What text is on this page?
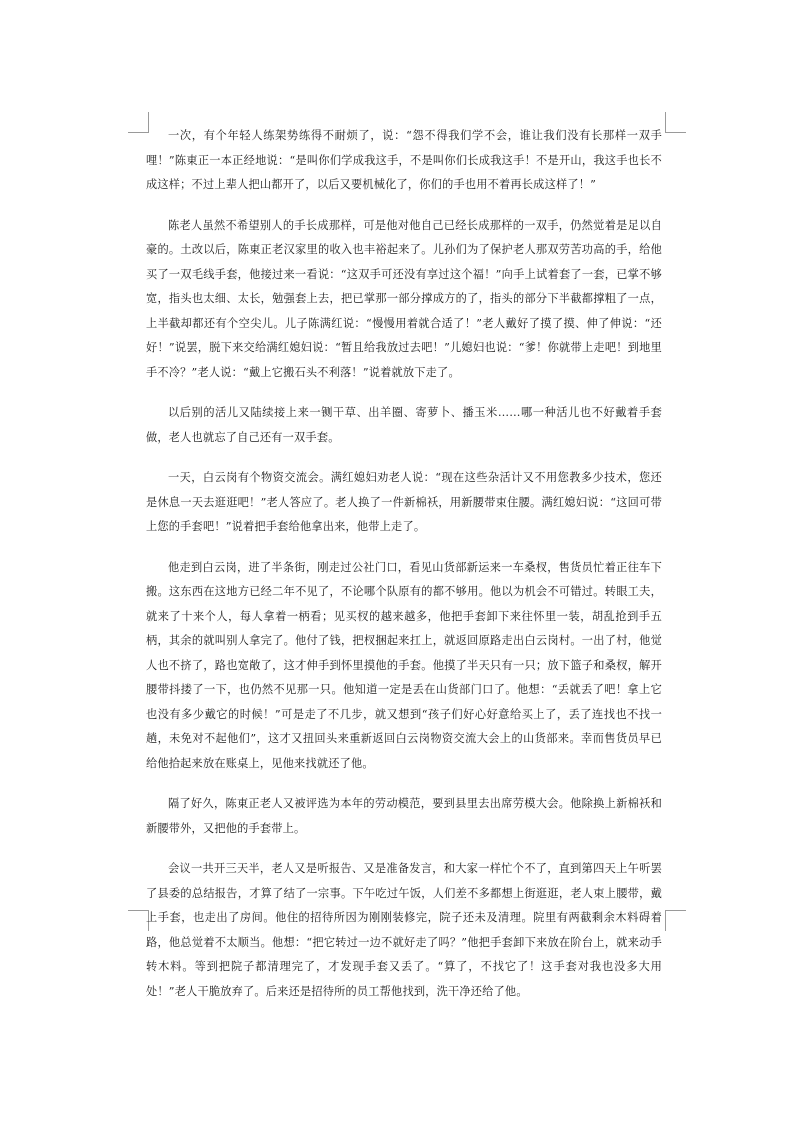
一次，有个年轻人练架势练得不耐烦了，说：“怨不得我们学不会，谁让我们没有长那样一双手哩！”陈東正一本正经地说：“是叫你们学成我这手，不是叫你们长成我这手！不是开山，我这手也长不成这样；不过上辈人把山都开了，以后又要机械化了，你们的手也用不着再长成这样了！”

陈老人虽然不希望别人的手长成那样，可是他对他自己已经长成那样的一双手，仍然觉着是足以自豪的。土改以后，陈東正老汉家里的收入也丰裕起来了。儿孙们为了保护老人那双劳苦功高的手，给他买了一双毛线手套，他接过来一看说：“这双手可还没有享过这个福！”向手上试着套了一套，已掌不够宽，指头也太细、太长，勉强套上去，把已掌那一部分撑成方的了，指头的部分下半截都撑粗了一点，上半截却都还有个空尖儿。儿子陈满红说：“慢慢用着就合适了！”老人戴好了摸了摸、伸了伸说：“还好！”说罢，脱下来交给满红媳妇说：“暂且给我放过去吧！”儿媳妇也说：“爹！你就带上走吧！到地里手不冷？”老人说：“戴上它搬石头不利落！”说着就放下走了。

以后别的活儿又陆续接上来一铡干草、出羊圈、寄萝卜、播玉米……哪一种活儿也不好戴着手套做，老人也就忘了自己还有一双手套。

一天，白云岗有个物资交流会。满红媳妇劝老人说：“现在这些杂活计又不用您教多少技术，您还是休息一天去逛逛吧！”老人答应了。老人换了一件新棉袄，用新腰带束住腰。满红媳妇说：“这回可带上您的手套吧！”说着把手套给他拿出来，他带上走了。

他走到白云岗，进了半条街，刚走过公社门口，看见山货部新运来一车桑杈，售货员忙着正往车下搬。这东西在这地方已经二年不见了，不论哪个队原有的都不够用。他以为机会不可错过。转眼工夫，就来了十来个人，每人拿着一柄看；见买杈的越来越多，他把手套卸下来往怀里一装，胡乱抢到手五柄，其余的就叫别人拿完了。他付了钱，把杈捆起来扛上，就返回原路走出白云岗村。一出了村，他觉人也不挤了，路也宽敞了，这才伸手到怀里摸他的手套。他摸了半天只有一只；放下篮子和桑杈，解开腰带抖搂了一下，也仍然不见那一只。他知道一定是丢在山货部门口了。他想：“丢就丢了吧！拿上它也没有多少戴它的时候！”可是走了不几步，就又想到“孩子们好心好意给买上了，丢了连找也不找一趟，未免对不起他们”，这才又扭回头来重新返回白云岗物资交流大会上的山货部来。幸而售货员早已给他拾起来放在账桌上，见他来找就还了他。

隔了好久，陈東正老人又被评选为本年的劳动模范，要到县里去出席劳模大会。他除换上新棉袄和新腰带外，又把他的手套带上。

会议一共开三天半，老人又是听报告、又是准备发言，和大家一样忙个不了，直到第四天上午听罢了县委的总结报告，才算了结了一宗事。下午吃过午饭，人们差不多都想上街逛逛，老人束上腰带，戴上手套，也走出了房间。他住的招待所因为刚刚装修完，院子还未及清理。院里有两截剩余木料碍着路，他总觉着不太顺当。他想：“把它转过一边不就好走了吗？”他把手套卸下来放在阶台上，就来动手转木料。等到把院子都清理完了，才发现手套又丢了。“算了，不找它了！这手套对我也没多大用处！”老人干脆放弃了。后来还是招待所的员工帮他找到，洗干净还给了他。
